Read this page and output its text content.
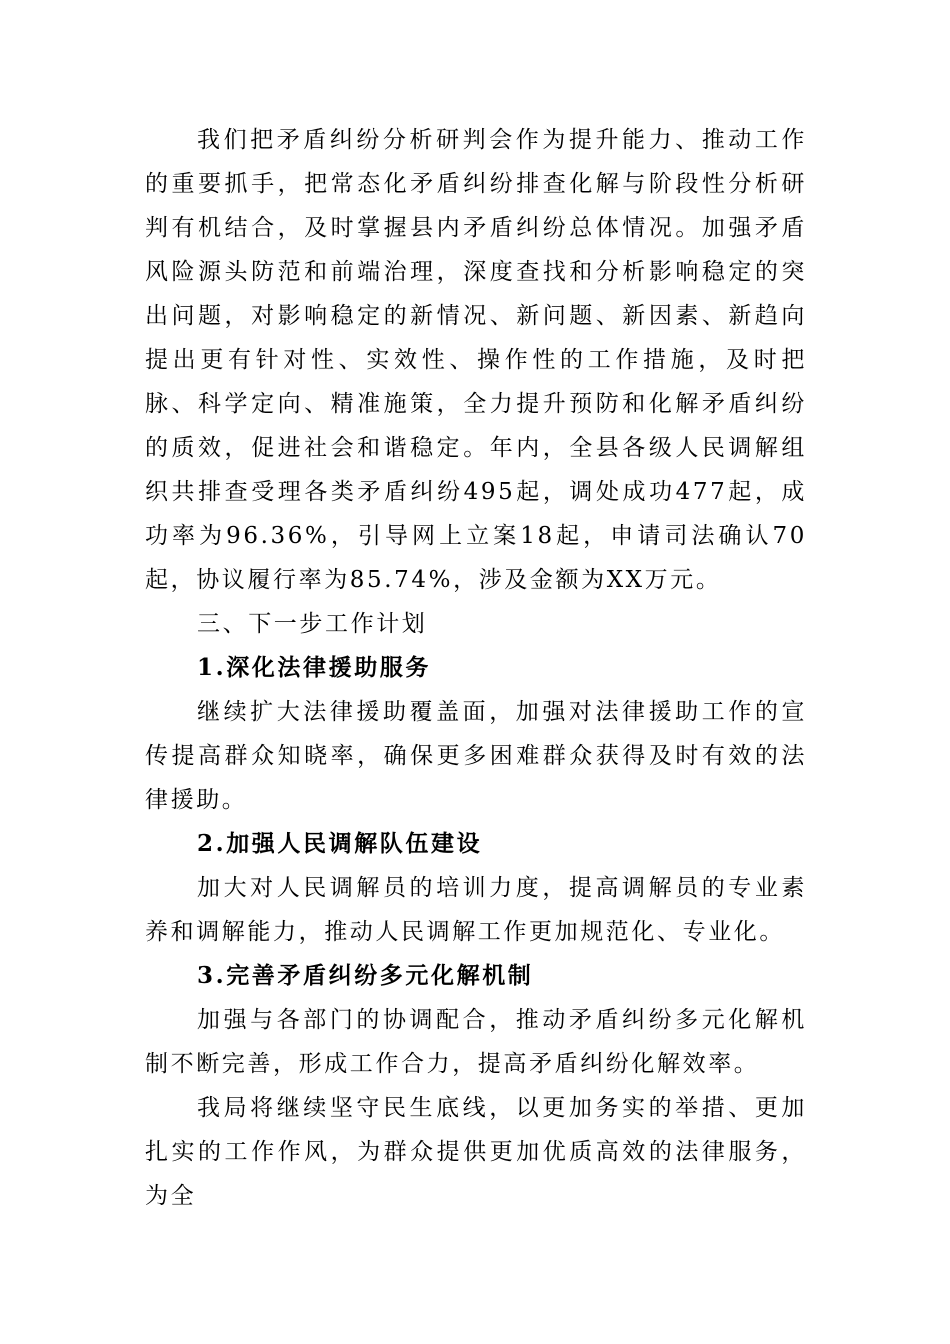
我们把矛盾纠纷分析研判会作为提升能力、推动工作的重要抓手，把常态化矛盾纠纷排查化解与阶段性分析研判有机结合，及时掌握县内矛盾纠纷总体情况。加强矛盾风险源头防范和前端治理，深度查找和分析影响稳定的突出问题，对影响稳定的新情况、新问题、新因素、新趋向提出更有针对性、实效性、操作性的工作措施，及时把脉、科学定向、精准施策，全力提升预防和化解矛盾纠纷的质效，促进社会和谐稳定。年内，全县各级人民调解组织共排查受理各类矛盾纠纷495起，调处成功477起，成功率为96.36%，引导网上立案18起，申请司法确认70起，协议履行率为85.74%，涉及金额为XX万元。

三、下一步工作计划

1.深化法律援助服务

继续扩大法律援助覆盖面，加强对法律援助工作的宣传提高群众知晓率，确保更多困难群众获得及时有效的法律援助。

2.加强人民调解队伍建设

加大对人民调解员的培训力度，提高调解员的专业素养和调解能力，推动人民调解工作更加规范化、专业化。

3.完善矛盾纠纷多元化解机制

加强与各部门的协调配合，推动矛盾纠纷多元化解机制不断完善，形成工作合力，提高矛盾纠纷化解效率。

我局将继续坚守民生底线，以更加务实的举措、更加扎实的工作作风，为群众提供更加优质高效的法律服务，为全
